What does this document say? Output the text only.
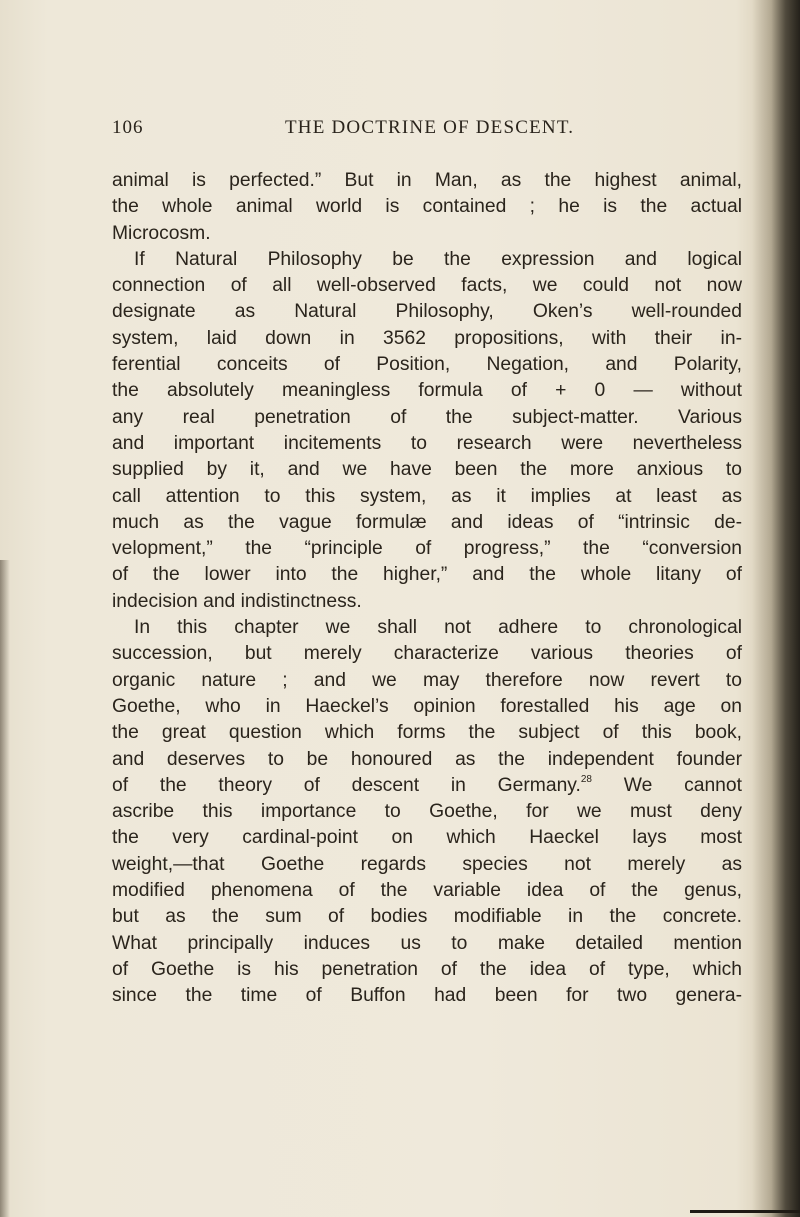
106	THE DOCTRINE OF DESCENT.
animal is perfected.” But in Man, as the highest animal,
the whole animal world is contained ; he is the actual
Microcosm.
If Natural Philosophy be the expression and logical
connection of all well-observed facts, we could not now
designate as Natural Philosophy, Oken’s well-rounded
system, laid down in 3562 propositions, with their in-
ferential conceits of Position, Negation, and Polarity,
the absolutely meaningless formula of + 0 — without
any real penetration of the subject-matter. Various
and important incitements to research were nevertheless
supplied by it, and we have been the more anxious to
call attention to this system, as it implies at least as
much as the vague formulæ and ideas of “intrinsic de-
velopment,” the “principle of progress,” the “conversion
of the lower into the higher,” and the whole litany of
indecision and indistinctness.
In this chapter we shall not adhere to chronological
succession, but merely characterize various theories of
organic nature ; and we may therefore now revert to
Goethe, who in Haeckel’s opinion forestalled his age on
the great question which forms the subject of this book,
and deserves to be honoured as the independent founder
of the theory of descent in Germany.$^{28}$ We cannot
ascribe this importance to Goethe, for we must deny
the very cardinal-point on which Haeckel lays most
weight,—that Goethe regards species not merely as
modified phenomena of the variable idea of the genus,
but as the sum of bodies modifiable in the concrete.
What principally induces us to make detailed mention
of Goethe is his penetration of the idea of type, which
since the time of Buffon had been for two genera-
